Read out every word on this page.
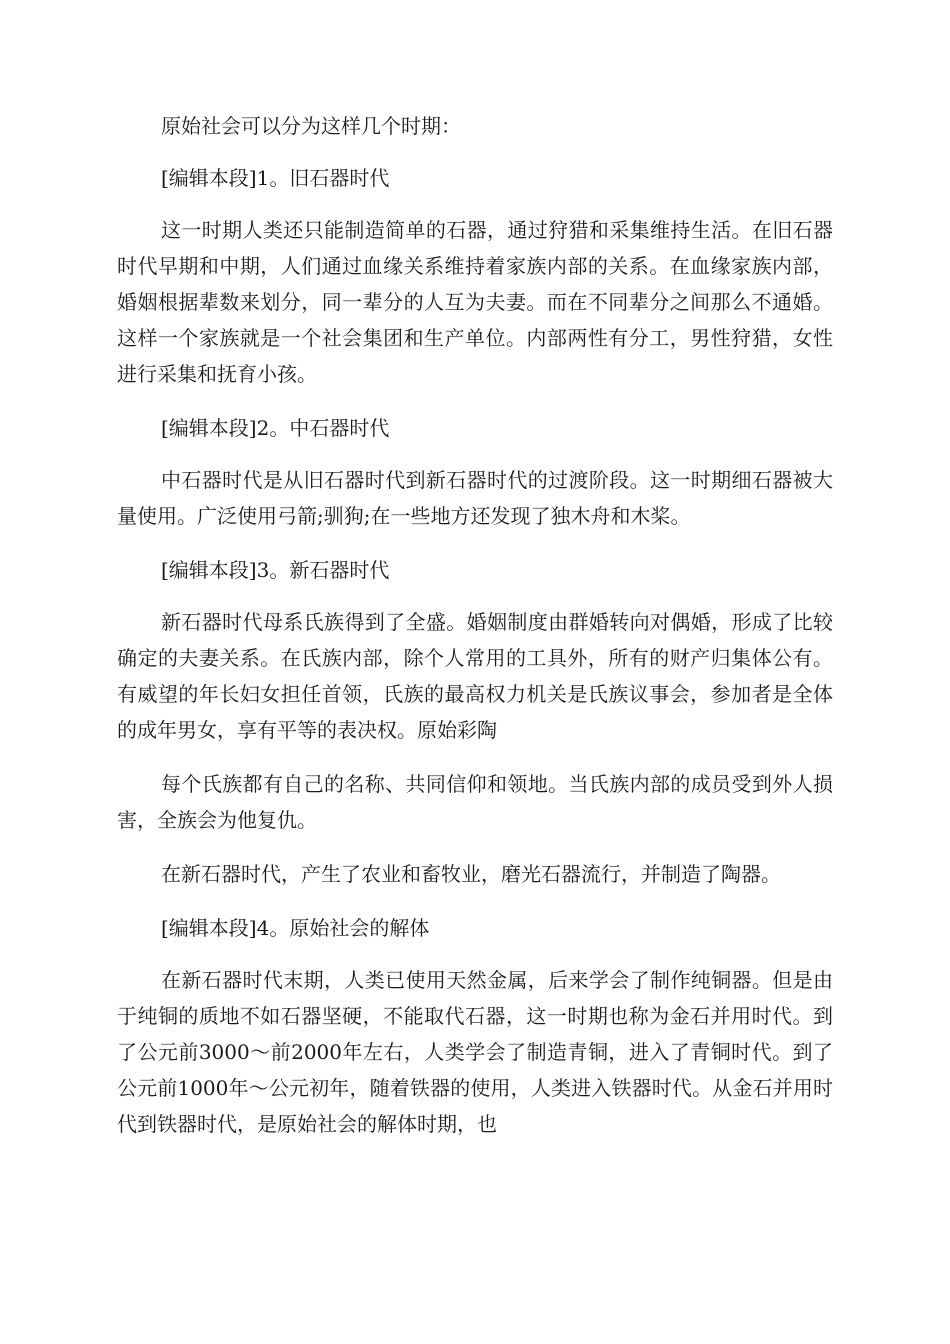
原始社会可以分为这样几个时期：

[编辑本段]1。旧石器时代

这一时期人类还只能制造简单的石器，通过狩猎和采集维持生活。在旧石器时代早期和中期，人们通过血缘关系维持着家族内部的关系。在血缘家族内部，婚姻根据辈数来划分，同一辈分的人互为夫妻。而在不同辈分之间那么不通婚。这样一个家族就是一个社会集团和生产单位。内部两性有分工，男性狩猎，女性进行采集和抚育小孩。

[编辑本段]2。中石器时代

中石器时代是从旧石器时代到新石器时代的过渡阶段。这一时期细石器被大量使用。广泛使用弓箭;驯狗;在一些地方还发现了独木舟和木桨。

[编辑本段]3。新石器时代

新石器时代母系氏族得到了全盛。婚姻制度由群婚转向对偶婚，形成了比较确定的夫妻关系。在氏族内部，除个人常用的工具外，所有的财产归集体公有。有威望的年长妇女担任首领，氏族的最高权力机关是氏族议事会，参加者是全体的成年男女，享有平等的表决权。原始彩陶

每个氏族都有自己的名称、共同信仰和领地。当氏族内部的成员受到外人损害，全族会为他复仇。

在新石器时代，产生了农业和畜牧业，磨光石器流行，并制造了陶器。

[编辑本段]4。原始社会的解体

在新石器时代末期，人类已使用天然金属，后来学会了制作纯铜器。但是由于纯铜的质地不如石器坚硬，不能取代石器，这一时期也称为金石并用时代。到了公元前3000～前2000年左右，人类学会了制造青铜，进入了青铜时代。到了公元前1000年～公元初年，随着铁器的使用，人类进入铁器时代。从金石并用时代到铁器时代，是原始社会的解体时期，也
